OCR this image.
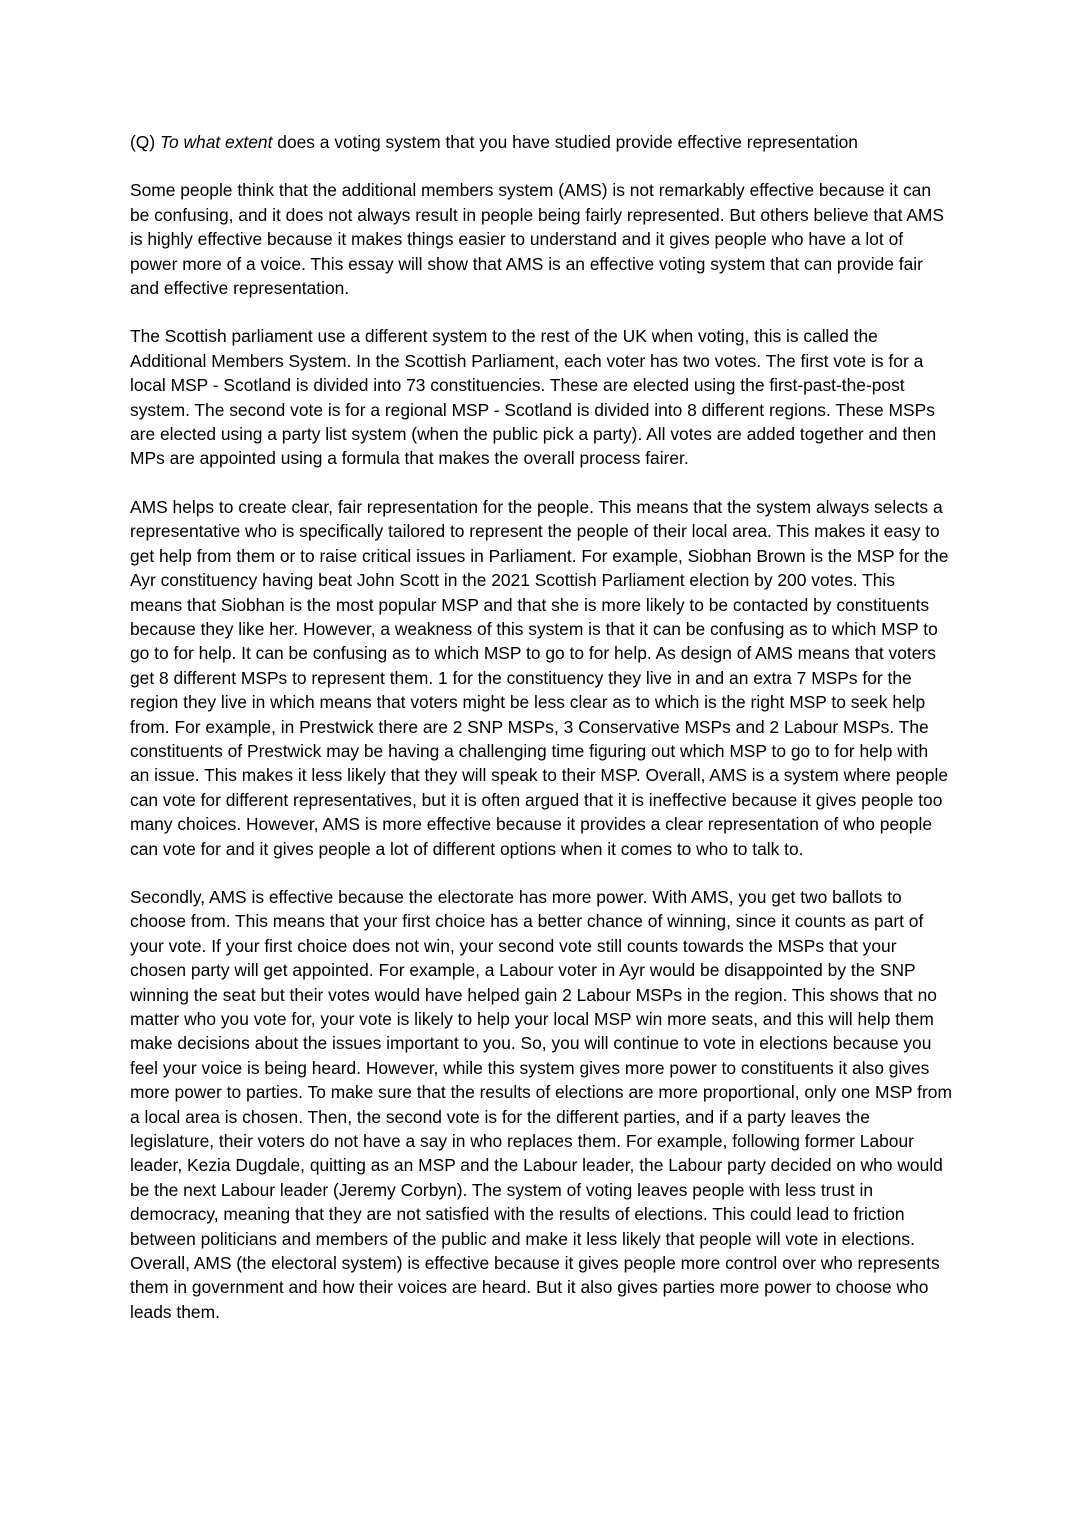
(Q) To what extent does a voting system that you have studied provide effective representation

Some people think that the additional members system (AMS) is not remarkably effective because it can be confusing, and it does not always result in people being fairly represented. But others believe that AMS is highly effective because it makes things easier to understand and it gives people who have a lot of power more of a voice. This essay will show that AMS is an effective voting system that can provide fair and effective representation.

The Scottish parliament use a different system to the rest of the UK when voting, this is called the Additional Members System. In the Scottish Parliament, each voter has two votes. The first vote is for a local MSP - Scotland is divided into 73 constituencies. These are elected using the first-past-the-post system. The second vote is for a regional MSP - Scotland is divided into 8 different regions. These MSPs are elected using a party list system (when the public pick a party). All votes are added together and then MPs are appointed using a formula that makes the overall process fairer.

AMS helps to create clear, fair representation for the people. This means that the system always selects a representative who is specifically tailored to represent the people of their local area. This makes it easy to get help from them or to raise critical issues in Parliament. For example, Siobhan Brown is the MSP for the Ayr constituency having beat John Scott in the 2021 Scottish Parliament election by 200 votes. This means that Siobhan is the most popular MSP and that she is more likely to be contacted by constituents because they like her. However, a weakness of this system is that it can be confusing as to which MSP to go to for help. It can be confusing as to which MSP to go to for help. As design of AMS means that voters get 8 different MSPs to represent them. 1 for the constituency they live in and an extra 7 MSPs for the region they live in which means that voters might be less clear as to which is the right MSP to seek help from. For example, in Prestwick there are 2 SNP MSPs, 3 Conservative MSPs and 2 Labour MSPs. The constituents of Prestwick may be having a challenging time figuring out which MSP to go to for help with an issue. This makes it less likely that they will speak to their MSP. Overall, AMS is a system where people can vote for different representatives, but it is often argued that it is ineffective because it gives people too many choices. However, AMS is more effective because it provides a clear representation of who people can vote for and it gives people a lot of different options when it comes to who to talk to.

Secondly, AMS is effective because the electorate has more power. With AMS, you get two ballots to choose from. This means that your first choice has a better chance of winning, since it counts as part of your vote. If your first choice does not win, your second vote still counts towards the MSPs that your chosen party will get appointed. For example, a Labour voter in Ayr would be disappointed by the SNP winning the seat but their votes would have helped gain 2 Labour MSPs in the region. This shows that no matter who you vote for, your vote is likely to help your local MSP win more seats, and this will help them make decisions about the issues important to you. So, you will continue to vote in elections because you feel your voice is being heard. However, while this system gives more power to constituents it also gives more power to parties. To make sure that the results of elections are more proportional, only one MSP from a local area is chosen. Then, the second vote is for the different parties, and if a party leaves the legislature, their voters do not have a say in who replaces them. For example, following former Labour leader, Kezia Dugdale, quitting as an MSP and the Labour leader, the Labour party decided on who would be the next Labour leader (Jeremy Corbyn). The system of voting leaves people with less trust in democracy, meaning that they are not satisfied with the results of elections. This could lead to friction between politicians and members of the public and make it less likely that people will vote in elections. Overall, AMS (the electoral system) is effective because it gives people more control over who represents them in government and how their voices are heard. But it also gives parties more power to choose who leads them.
